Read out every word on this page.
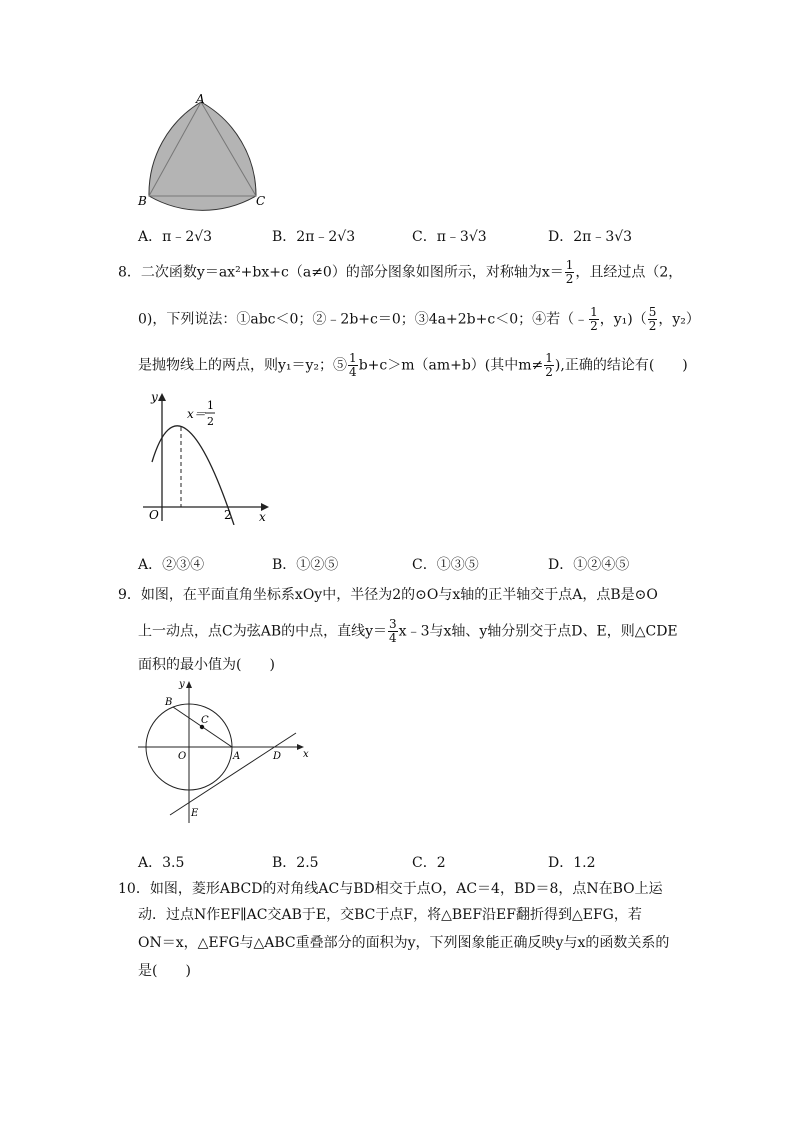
A
B	C
A．π﹣2√3	B．2π﹣2√3	C．π﹣3√3	D．2π﹣3√3
8．二次函数y＝ax²+bx+c（a≠0）的部分图象如图所示，对称轴为$x= \frac{1}{2}$ ，且经过点（2，
0)，下列说法：①abc＜0；②﹣2b+c＝0；③4a+2b+c＜0；④若（﹣ $\frac{1}{2}$ ，$y_1)( \frac{5}{2}$ ，y₂）
是抛物线上的两点，则y₁＝y₂；⑤ $\frac{1}{4} b+c>m(am+b)$(其中$m\ne \frac{1}{2}$ ),正确的结论有(　　)
y
x
O	2
x＝
1
2
A．②③④	B．①②⑤	C．①③⑤	D．①②④⑤
9．如图，在平面直角坐标系xOy中，半径为2的⊙O与x轴的正半轴交于点A，点B是⊙O
上一动点，点C为弦AB的中点，直线$y= \frac{3}{4}$ x﹣3与x轴、y轴分别交于点D、E，则△CDE
面积的最小值为(　　)
y
x
O	A
B
C
D
E
A．3.5	B．2.5	C．2	D．1.2
10．如图，菱形ABCD的对角线AC与BD相交于点O，AC＝4，BD＝8，点N在BO上运
动．过点N作EF∥AC交AB于E，交BC于点F，将△BEF沿EF翻折得到△EFG，若
ON＝x，△EFG与△ABC重叠部分的面积为y，下列图象能正确反映y与x的函数关系的
是(　　)
